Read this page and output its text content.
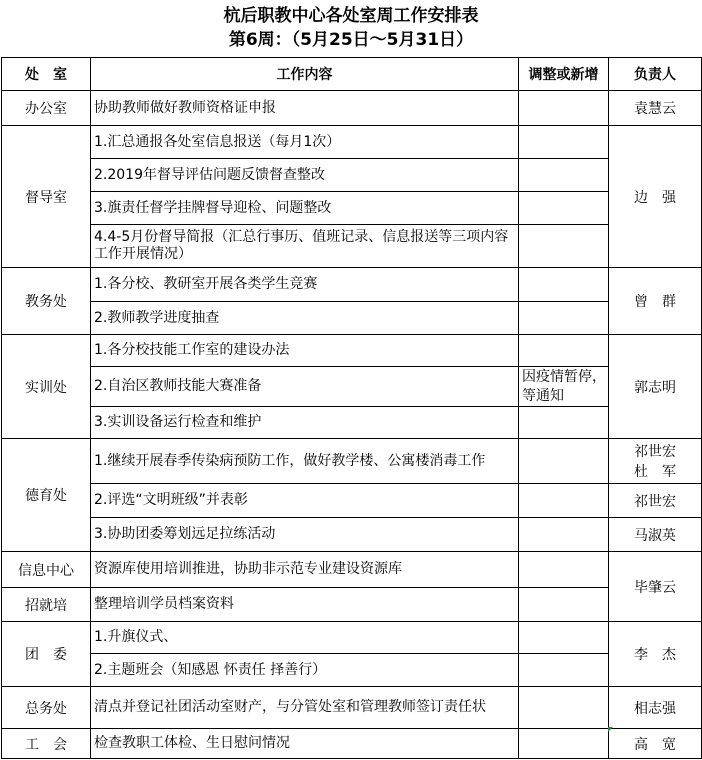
杭后职教中心各处室周工作安排表
第6周：（5月25日～5月31日）
处　室	工作内容	调整或新增	负责人
办公室	协助教师做好教师资格证申报		袁慧云
督导室	1.汇总通报各处室信息报送（每月1次）		边　强
	2.2019年督导评估问题反馈督查整改		
	3.旗责任督学挂牌督导迎检、问题整改		
	4.4-5月份督导简报（汇总行事历、值班记录、信息报送等三项内容工作开展情况）		
教务处	1.各分校、教研室开展各类学生竞赛		曾　群
	2.教师教学进度抽查		
实训处	1.各分校技能工作室的建设办法		郭志明
	2.自治区教师技能大赛准备	因疫情暂停，等通知	
	3.实训设备运行检查和维护		
德育处	1.继续开展春季传染病预防工作，做好教学楼、公寓楼消毒工作		祁世宏
杜　军
	2.评选“文明班级”并表彰		祁世宏
	3.协助团委筹划远足拉练活动		马淑英
信息中心	资源库使用培训推进，协助非示范专业建设资源库		毕肇云
招就培	整理培训学员档案资料		
团　委	1.升旗仪式、		李　杰
	2.主题班会（知感恩 怀责任 择善行）		
总务处	清点并登记社团活动室财产，与分管处室和管理教师签订责任状		相志强
工　会	检查教职工体检、生日慰问情况		高　宽
